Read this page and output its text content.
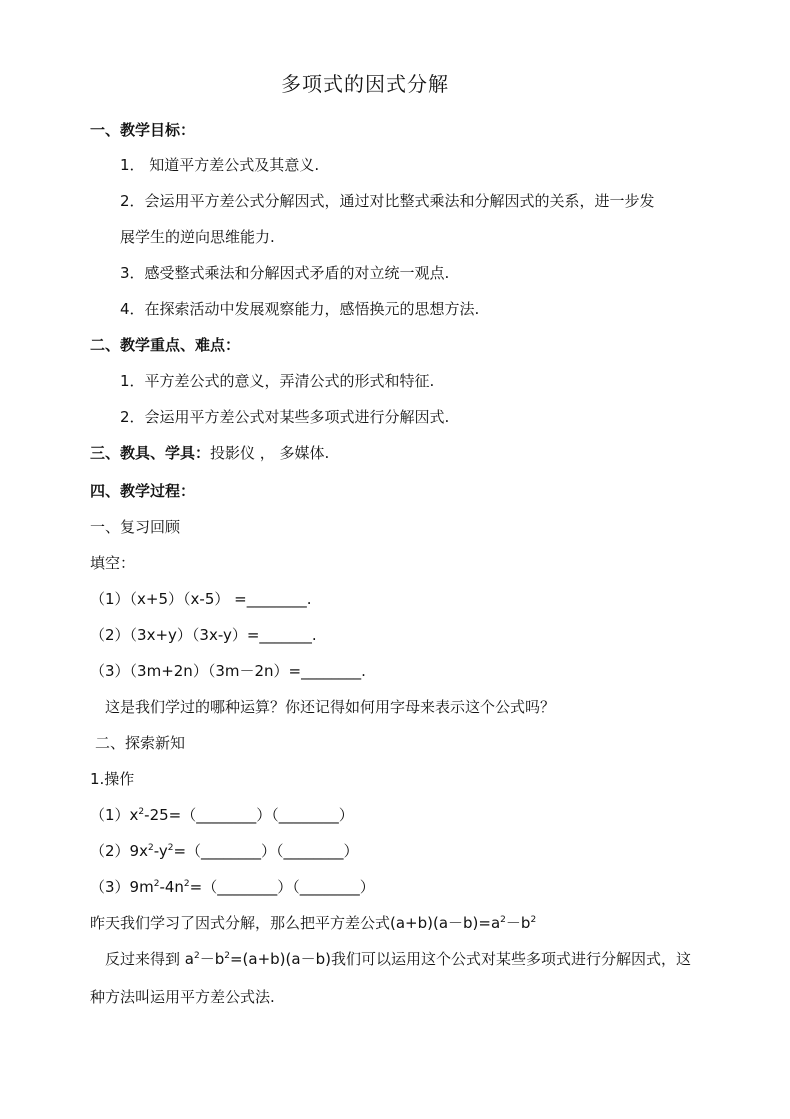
多项式的因式分解
一、教学目标：
1． 知道平方差公式及其意义.
2．会运用平方差公式分解因式，通过对比整式乘法和分解因式的关系，进一步发
展学生的逆向思维能力.
3．感受整式乘法和分解因式矛盾的对立统一观点.
4．在探索活动中发展观察能力，感悟换元的思想方法.
二、教学重点、难点：
1．平方差公式的意义，弄清公式的形式和特征.
2．会运用平方差公式对某些多项式进行分解因式.
三、教具、学具：投影仪 ， 多媒体.
四、教学过程：
一、复习回顾
填空：
（1）（x+5）（x-5） =________.
（2）（3x+y）（3x-y）=_______.
（3）（3m+2n）（3m－2n）=________.
这是我们学过的哪种运算？你还记得如何用字母来表示这个公式吗？
二、探索新知
1.操作
$(1)x^2-25=(\_\_\_\_\_\_\_\_)(\_\_\_\_\_\_\_\_)$
$(2)9x^2-y^2=(\_\_\_\_\_\_\_\_)(\_\_\_\_\_\_\_\_)$
$(3)9m^2-4n^2=(\_\_\_\_\_\_\_\_)(\_\_\_\_\_\_\_\_)$
昨天我们学习了因式分解，那么把平方差公式$(a+b)(a-b)=a^2-b^2$
反过来得到 $a^2-b^2=(a+b)(a-b)$我们可以运用这个公式对某些多项式进行分解因式，这
种方法叫运用平方差公式法.
